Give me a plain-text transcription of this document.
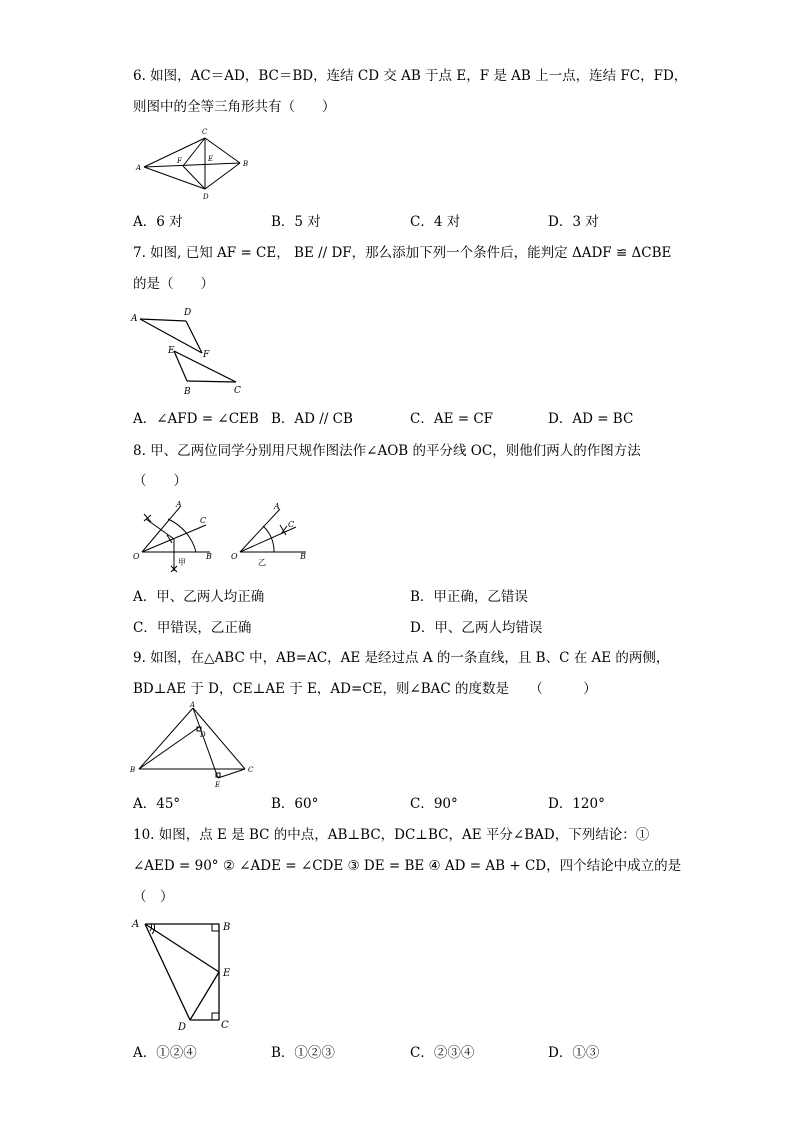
6. 如图，AC＝AD，BC＝BD，连结 CD 交 AB 于点 E，F 是 AB 上一点，连结 FC，FD，
则图中的全等三角形共有（　　）
A
C
B
D
F	E
A．6 对	B．5 对	C．4 对	D．3 对
7. 如图, 已知 AF = CE， BE // DF，那么添加下列一个条件后，能判定 ΔADF ≌ ΔCBE
的是（　　）
A
D
E	F
B	C
A．∠AFD = ∠CEB B．AD // CB	C．AE = CF	D．AD = BC
8. 甲、乙两位同学分别用尺规作图法作∠AOB 的平分线 OC，则他们两人的作图方法
（　　）
A
C
O	B
甲
A
C
O	B
乙
A．甲、乙两人均正确	B．甲正确，乙错误
C．甲错误，乙正确	D．甲、乙两人均错误
9. 如图，在△ABC 中，AB=AC，AE 是经过点 A 的一条直线，且 B、C 在 AE 的两侧，
BD⊥AE 于 D，CE⊥AE 于 E，AD=CE，则∠BAC 的度数是　　（　　　）
A
D
B	C
E
A．45°	B．60°	C．90°	D．120°
10. 如图，点 E 是 BC 的中点，AB⊥BC，DC⊥BC，AE 平分∠BAD，下列结论：①
∠AED = 90° ② ∠ADE = ∠CDE ③ DE = BE ④ AD = AB + CD，四个结论中成立的是
（　）
A	B
E
D	C
A．①②④	B．①②③	C．②③④	D．①③
